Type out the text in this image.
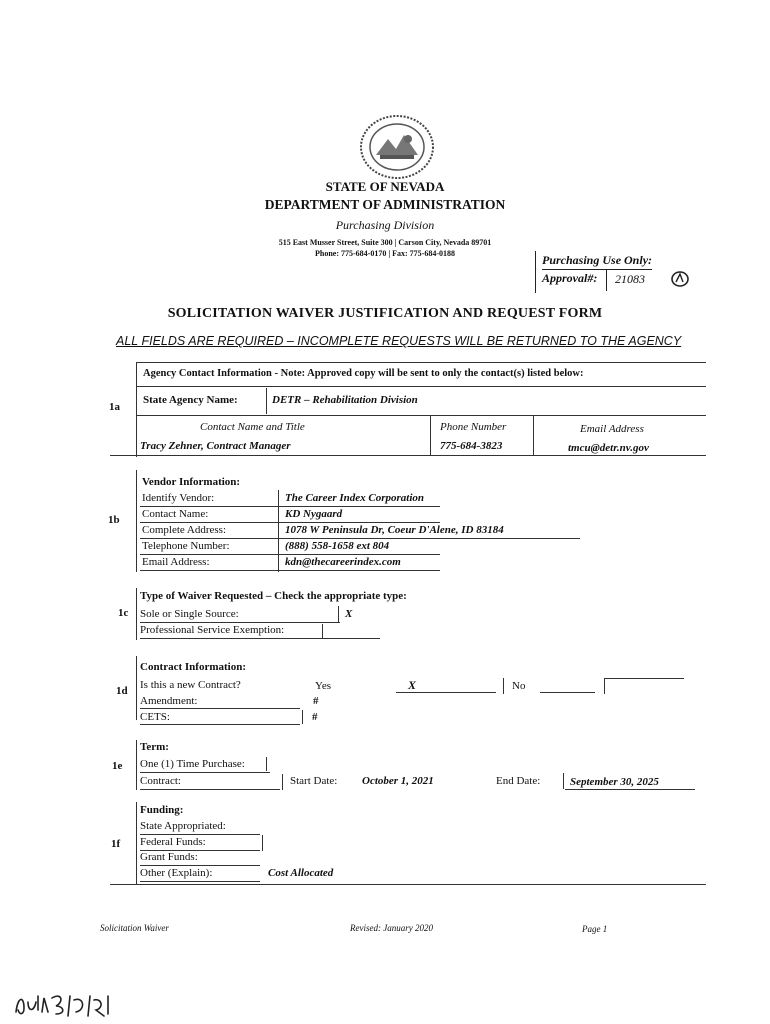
STATE OF NEVADA
DEPARTMENT OF ADMINISTRATION
Purchasing Division
515 East Musser Street, Suite 300 | Carson City, Nevada 89701
Phone: 775-684-0170 | Fax: 775-684-0188	Purchasing Use Only:
Approval#: 21083
SOLICITATION WAIVER JUSTIFICATION AND REQUEST FORM
ALL FIELDS ARE REQUIRED – INCOMPLETE REQUESTS WILL BE RETURNED TO THE AGENCY
1a
Agency Contact Information - Note: Approved copy will be sent to only the contact(s) listed below:
State Agency Name:	DETR – Rehabilitation Division
Contact Name and Title	Phone Number	Email Address
Tracy Zehner, Contract Manager	775-684-3823	tmcu@detr.nv.gov
1b
Vendor Information:
Identify Vendor:	The Career Index Corporation
Contact Name:	KD Nygaard
Complete Address:	1078 W Peninsula Dr, Coeur D'Alene, ID 83184
Telephone Number:	(888) 558-1658 ext 804
Email Address:	kdn@thecareerindex.com
1c
Type of Waiver Requested – Check the appropriate type:
Sole or Single Source:	X
Professional Service Exemption:
1d
Contract Information:
Is this a new Contract?	Yes	X	No
Amendment:	#
CETS:	#
1e
Term:
One (1) Time Purchase:
Contract:	Start Date: October 1, 2021	End Date:	September 30, 2025
1f
Funding:
State Appropriated:
Federal Funds:
Grant Funds:
Other (Explain):	Cost Allocated
Solicitation Waiver	Revised: January 2020	Page 1
